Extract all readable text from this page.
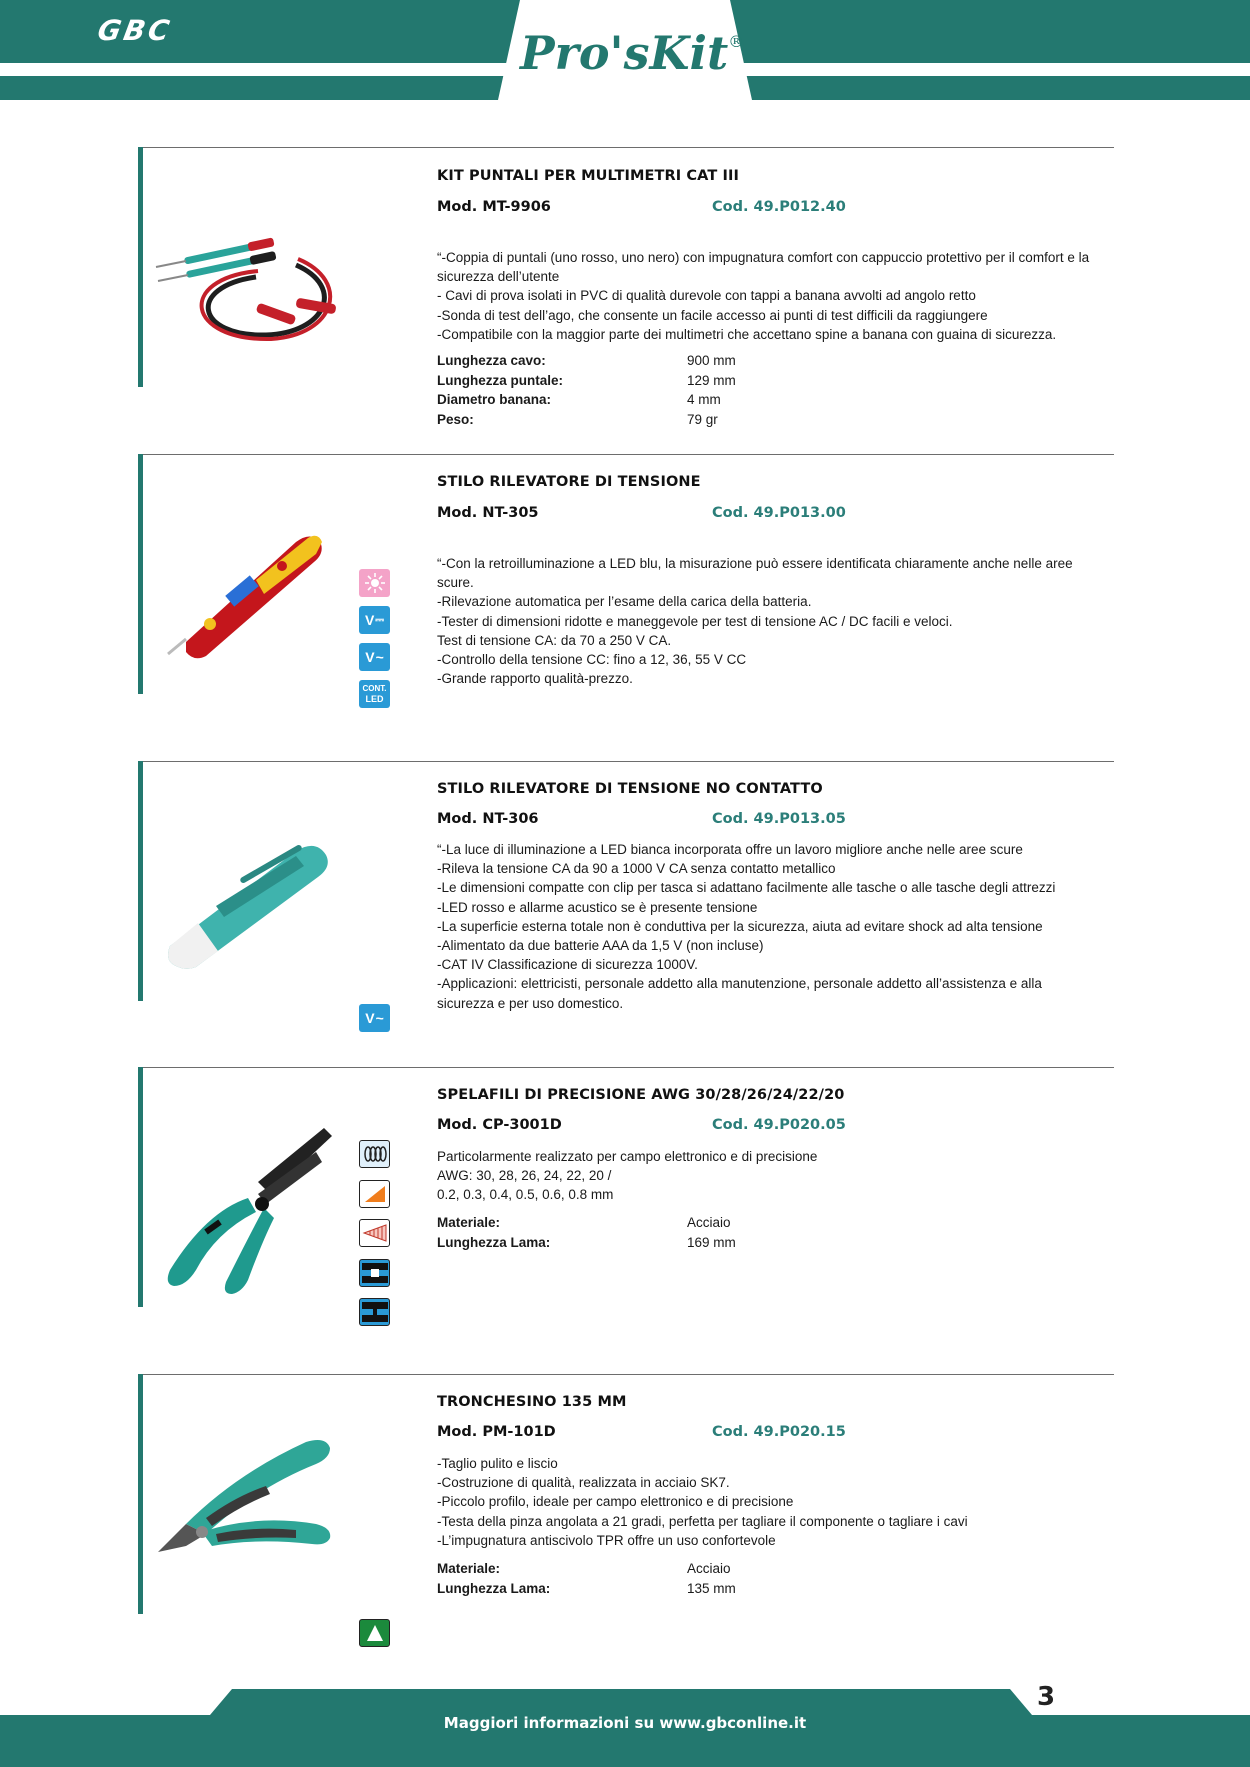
GBC	Pro'sKit®
KIT PUNTALI PER MULTIMETRI CAT III
Mod. MT-9906	Cod. 49.P012.40
“-Coppia di puntali (uno rosso, uno nero) con impugnatura comfort con cappuccio protettivo per il comfort e la
sicurezza dell’utente
- Cavi di prova isolati in PVC di qualità durevole con tappi a banana avvolti ad angolo retto
-Sonda di test dell’ago, che consente un facile accesso ai punti di test difficili da raggiungere
-Compatibile con la maggior parte dei multimetri che accettano spine a banana con guaina di sicurezza.
Lunghezza cavo:	900 mm
Lunghezza puntale:	129 mm
Diametro banana:	4 mm
Peso:	79 gr
V ⎓
V ~
CONT.
LED
STILO RILEVATORE DI TENSIONE
Mod. NT-305	Cod. 49.P013.00
“-Con la retroilluminazione a LED blu, la misurazione può essere identificata chiaramente anche nelle aree
scure.
-Rilevazione automatica per l’esame della carica della batteria.
-Tester di dimensioni ridotte e maneggevole per test di tensione AC / DC facili e veloci.
Test di tensione CA: da 70 a 250 V CA.
-Controllo della tensione CC: fino a 12, 36, 55 V CC
-Grande rapporto qualità-prezzo.
V ~
STILO RILEVATORE DI TENSIONE NO CONTATTO
Mod. NT-306	Cod. 49.P013.05
“-La luce di illuminazione a LED bianca incorporata offre un lavoro migliore anche nelle aree scure
-Rileva la tensione CA da 90 a 1000 V CA senza contatto metallico
-Le dimensioni compatte con clip per tasca si adattano facilmente alle tasche o alle tasche degli attrezzi
-LED rosso e allarme acustico se è presente tensione
-La superficie esterna totale non è conduttiva per la sicurezza, aiuta ad evitare shock ad alta tensione
-Alimentato da due batterie AAA da 1,5 V (non incluse)
-CAT IV Classificazione di sicurezza 1000V.
-Applicazioni: elettricisti, personale addetto alla manutenzione, personale addetto all’assistenza e alla
sicurezza e per uso domestico.
SPELAFILI DI PRECISIONE AWG 30/28/26/24/22/20
Mod. CP-3001D	Cod. 49.P020.05
Particolarmente realizzato per campo elettronico e di precisione
AWG: 30, 28, 26, 24, 22, 20 /
0.2, 0.3, 0.4, 0.5, 0.6, 0.8 mm
Materiale:	Acciaio
Lunghezza Lama:	169 mm
TRONCHESINO 135 MM
Mod. PM-101D	Cod. 49.P020.15
-Taglio pulito e liscio
-Costruzione di qualità, realizzata in acciaio SK7.
-Piccolo profilo, ideale per campo elettronico e di precisione
-Testa della pinza angolata a 21 gradi, perfetta per tagliare il componente o tagliare i cavi
-L’impugnatura antiscivolo TPR offre un uso confortevole
Materiale:	Acciaio
Lunghezza Lama:	135 mm
Maggiori informazioni su www.gbconline.it
3
